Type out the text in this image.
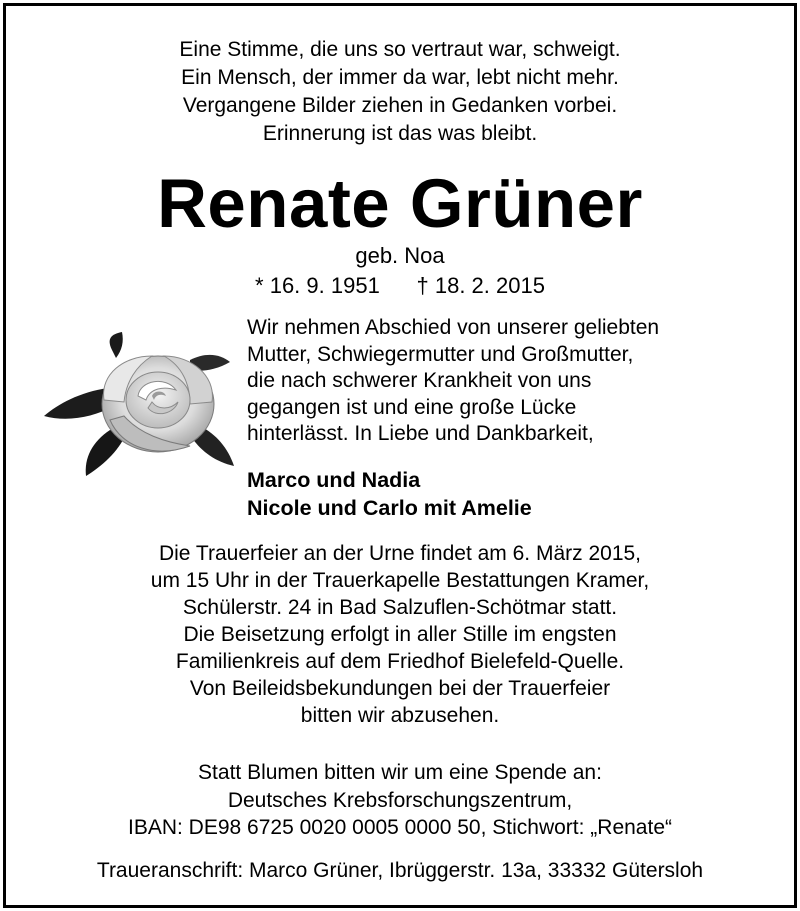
Eine Stimme, die uns so vertraut war, schweigt.
Ein Mensch, der immer da war, lebt nicht mehr.
Vergangene Bilder ziehen in Gedanken vorbei.
Erinnerung ist das was bleibt.
Renate Grüner
geb. Noa
* 16. 9. 1951 † 18. 2. 2015
Wir nehmen Abschied von unserer geliebten
Mutter, Schwiegermutter und Großmutter,
die nach schwerer Krankheit von uns
gegangen ist und eine große Lücke
hinterlässt. In Liebe und Dankbarkeit,
Marco und Nadia
Nicole und Carlo mit Amelie
Die Trauerfeier an der Urne findet am 6. März 2015,
um 15 Uhr in der Trauerkapelle Bestattungen Kramer,
Schülerstr. 24 in Bad Salzuflen-Schötmar statt.
Die Beisetzung erfolgt in aller Stille im engsten
Familienkreis auf dem Friedhof Bielefeld-Quelle.
Von Beileidsbekundungen bei der Trauerfeier
bitten wir abzusehen.
Statt Blumen bitten wir um eine Spende an:
Deutsches Krebsforschungszentrum,
IBAN: DE98 6725 0020 0005 0000 50, Stichwort: „Renate“
Traueranschrift: Marco Grüner, Ibrüggerstr. 13a, 33332 Gütersloh
